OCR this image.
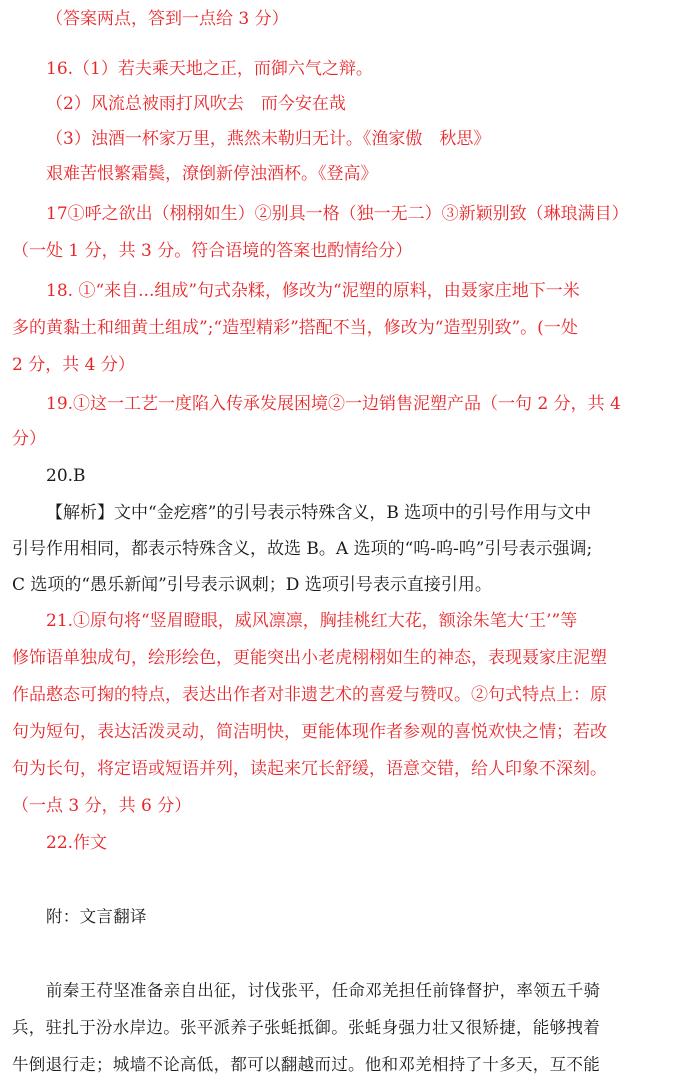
（答案两点，答到一点给 3 分）
16.（1）若夫乘天地之正，而御六气之辩。
（2）风流总被雨打风吹去　而今安在哉
（3）浊酒一杯家万里，燕然未勒归无计。《渔家傲　秋思》
艰难苦恨繁霜鬓，潦倒新停浊酒杯。《登高》
17①呼之欲出（栩栩如生）②别具一格（独一无二）③新颖别致（琳琅满目）
（一处 1 分，共 3 分。符合语境的答案也酌情给分）
18. ①“来自...组成”句式杂糅，修改为“泥塑的原料，由聂家庄地下一米
多的黄黏土和细黄土组成”;“造型精彩”搭配不当，修改为“造型别致”。(一处
2 分，共 4 分）
19.①这一工艺一度陷入传承发展困境②一边销售泥塑产品（一句 2 分，共 4
分）
20.B
【解析】文中“金疙瘩”的引号表示特殊含义，B 选项中的引号作用与文中
引号作用相同，都表示特殊含义，故选 B。A 选项的“呜-呜-呜”引号表示强调;
C 选项的“愚乐新闻”引号表示讽刺；D 选项引号表示直接引用。
21.①原句将“竖眉瞪眼，威风凛凛，胸挂桃红大花，额涂朱笔大‘王’”等
修饰语单独成句，绘形绘色，更能突出小老虎栩栩如生的神态，表现聂家庄泥塑
作品憨态可掬的特点，表达出作者对非遗艺术的喜爱与赞叹。②句式特点上：原
句为短句，表达活泼灵动，简洁明快，更能体现作者参观的喜悦欢快之情；若改
句为长句，将定语或短语并列，读起来冗长舒缓，语意交错，给人印象不深刻。
（一点 3 分，共 6 分）
22.作文
附：文言翻译
前秦王苻坚准备亲自出征，讨伐张平，任命邓羌担任前锋督护，率领五千骑
兵，驻扎于汾水岸边。张平派养子张蚝抵御。张蚝身强力壮又很矫捷，能够拽着
牛倒退行走；城墙不论高低，都可以翻越而过。他和邓羌相持了十多天，互不能
